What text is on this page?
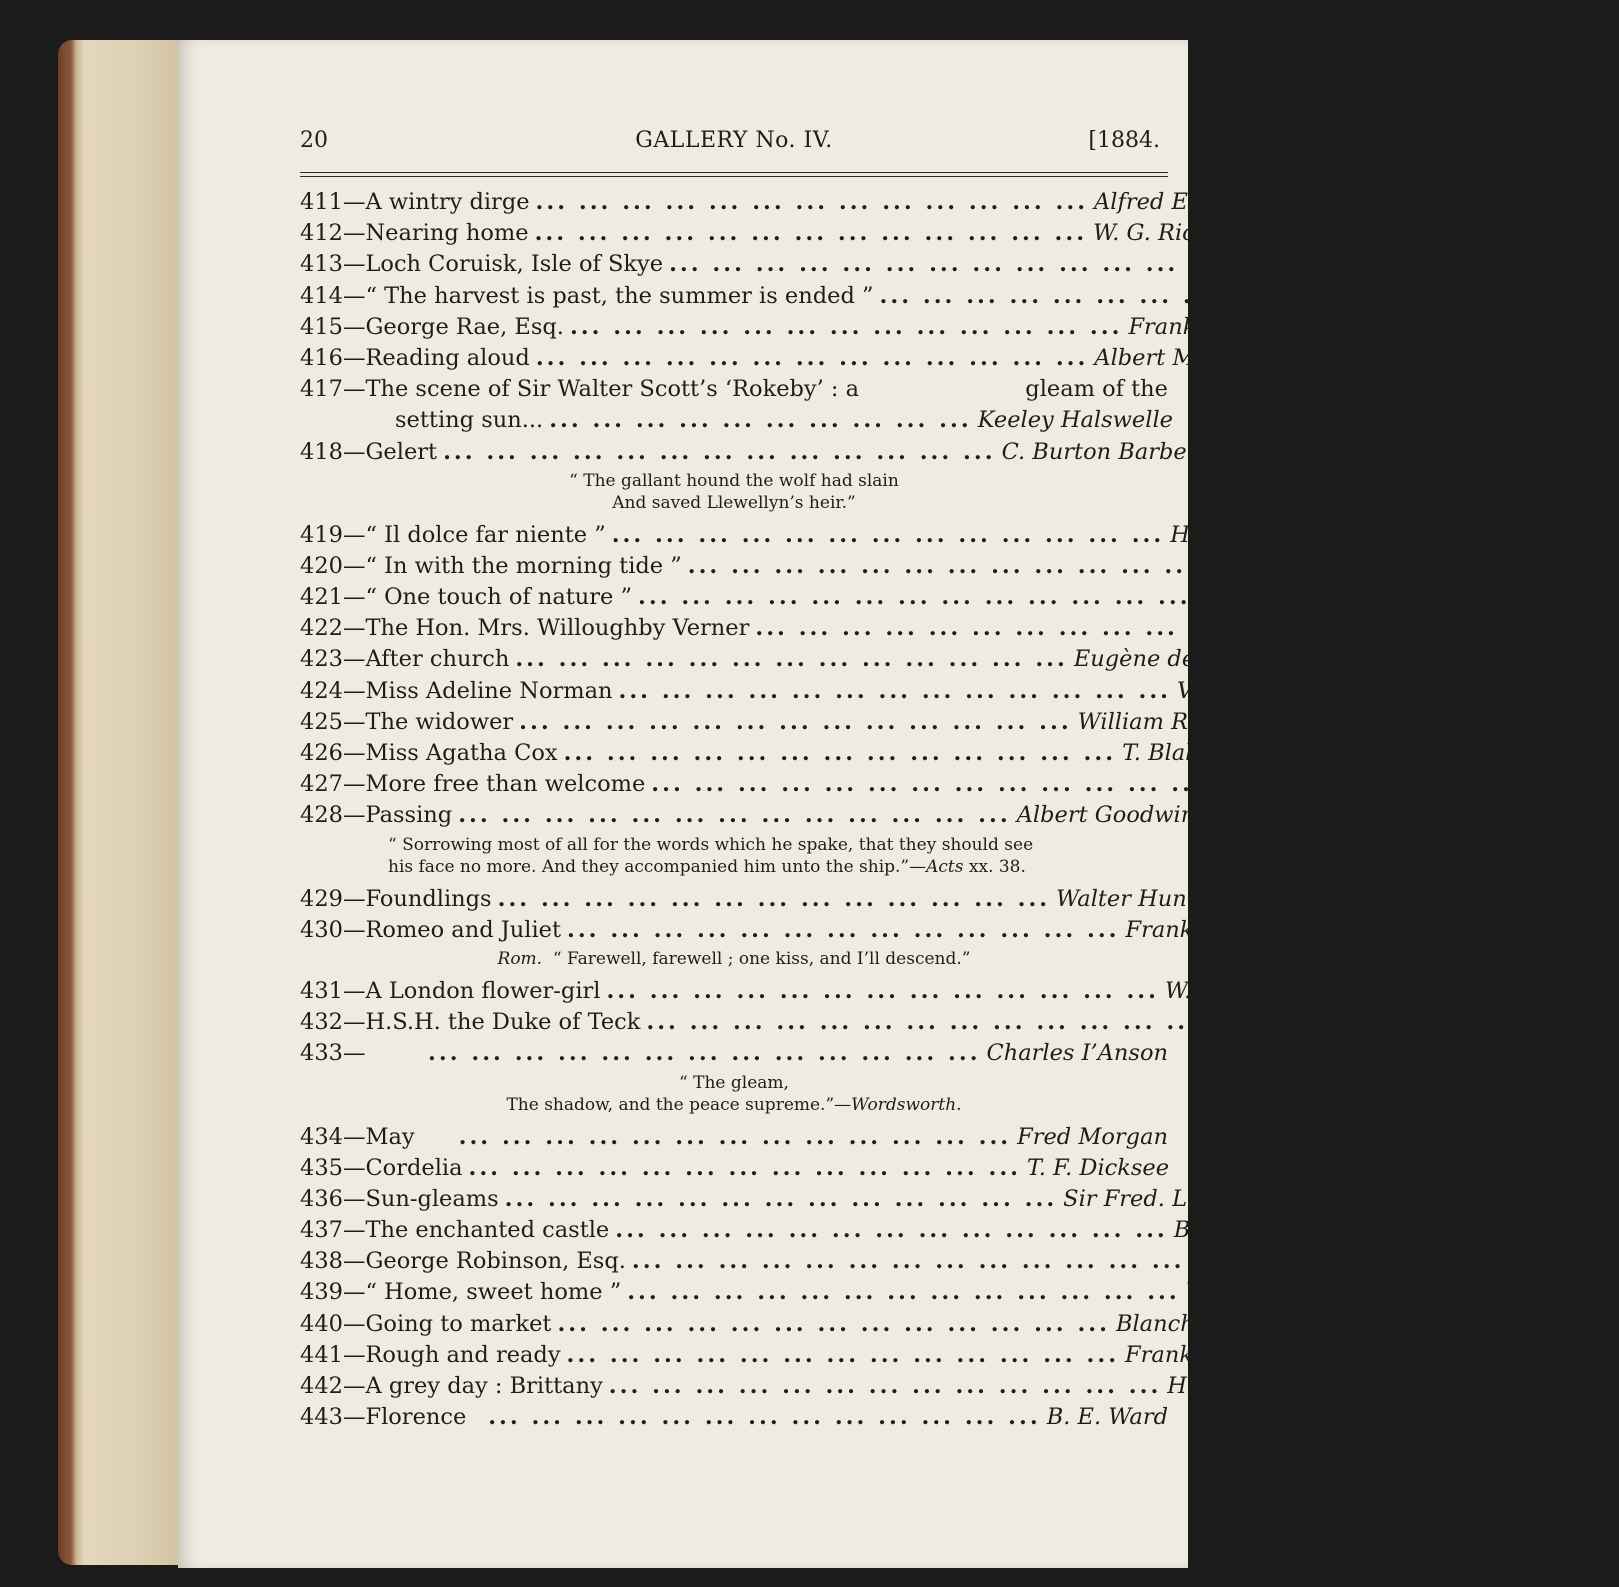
20	GALLERY No. IV.	[1884.
411 — A wintry dirge ... ... ... ... ... ... ... ... ... ... ... ... ... Alfred East
412 — Nearing home ... ... ... ... ... ... ... ... ... ... ... ... ... W. G. Rich
413 — Loch Coruisk, Isle of Skye ... ... ... ... ... ... ... ... ... ... ... ... ... Sidney R. Percy
414 — “ The harvest is past, the summer is ended ” ... ... ... ... ... ... ... ... ... ... ... ... ... G. F. Wetherbee
415 — George Rae, Esq. ... ... ... ... ... ... ... ... ... ... ... ... ... Frank Holl, R.A.
416 — Reading aloud ... ... ... ... ... ... ... ... ... ... ... ... ... Albert Moore
417—The scene of Sir Walter Scott’s ‘Rokeby’ : a	gleam of the
setting sun... ... ... ... ... ... ... ... ... ... ... Keeley Halswelle
418 — Gelert ... ... ... ... ... ... ... ... ... ... ... ... ... C. Burton Barber
“ The gallant hound the wolf had slain
And saved Llewellyn’s heir.”
419 — “ Il dolce far niente ” ... ... ... ... ... ... ... ... ... ... ... ... ... Henry T. Schäfer
420 — “ In with the morning tide ” ... ... ... ... ... ... ... ... ... ... ... ... ... Henry C. Fox
421 — “ One touch of nature ” ... ... ... ... ... ... ... ... ... ... ... ... ... E. Lintz
422 — The Hon. Mrs. Willoughby Verner ... ... ... ... ... ... ... ... ... ... ... ... ... Ida Verner
423 — After church ... ... ... ... ... ... ... ... ... ... ... ... ... Eugène de Blaas
424 — Miss Adeline Norman ... ... ... ... ... ... ... ... ... ... ... ... ... Val C. Prinsep, A.
425 — The widower ... ... ... ... ... ... ... ... ... ... ... ... ... William Rainey
426 — Miss Agatha Cox ... ... ... ... ... ... ... ... ... ... ... ... ... T. Blake Wirgman
427 — More free than welcome ... ... ... ... ... ... ... ... ... ... ... ... ... Frank Paton
428 — Passing ... ... ... ... ... ... ... ... ... ... ... ... ... Albert Goodwin
“ Sorrowing most of all for the words which he spake, that they should see
his face no more. And they accompanied him unto the ship.”—Acts xx. 38.
429 — Foundlings ... ... ... ... ... ... ... ... ... ... ... ... ... Walter Hunt
430 — Romeo and Juliet ... ... ... ... ... ... ... ... ... ... ... ... ... Frank Dicksee, A.
Rom.  “ Farewell, farewell ; one kiss, and I’ll descend.”
431 — A London flower-girl ... ... ... ... ... ... ... ... ... ... ... ... ... W. P. Frith, R.A.
432 — H.S.H. the Duke of Teck ... ... ... ... ... ... ... ... ... ... ... ... ... H. Thaddeus Jones
433 —	... ... ... ... ... ... ... ... ... ... ... ... ... Charles I’Anson
“ The gleam,
The shadow, and the peace supreme.”—Wordsworth.
434 — May	... ... ... ... ... ... ... ... ... ... ... ... ... Fred Morgan
435 — Cordelia ... ... ... ... ... ... ... ... ... ... ... ... ... T. F. Dicksee
436 — Sun-gleams ... ... ... ... ... ... ... ... ... ... ... ... ... Sir Fred. Leighton, P.R.A.
437 — The enchanted castle ... ... ... ... ... ... ... ... ... ... ... ... ... Briton Riviere, R.A.
438 — George Robinson, Esq. ... ... ... ... ... ... ... ... ... ... ... ... ... W. W. Ouless, R.A.
439 — “ Home, sweet home ” ... ... ... ... ... ... ... ... ... ... ... ... ... Wm. E. F. Britten
440 — Going to market ... ... ... ... ... ... ... ... ... ... ... ... ... Blanche Jenkins
441 — Rough and ready ... ... ... ... ... ... ... ... ... ... ... ... ... Frank Paton
442 — A grey day : Brittany ... ... ... ... ... ... ... ... ... ... ... ... ... H. Bannerman
443 — Florence ... ... ... ... ... ... ... ... ... ... ... ... ... B. E. Ward
